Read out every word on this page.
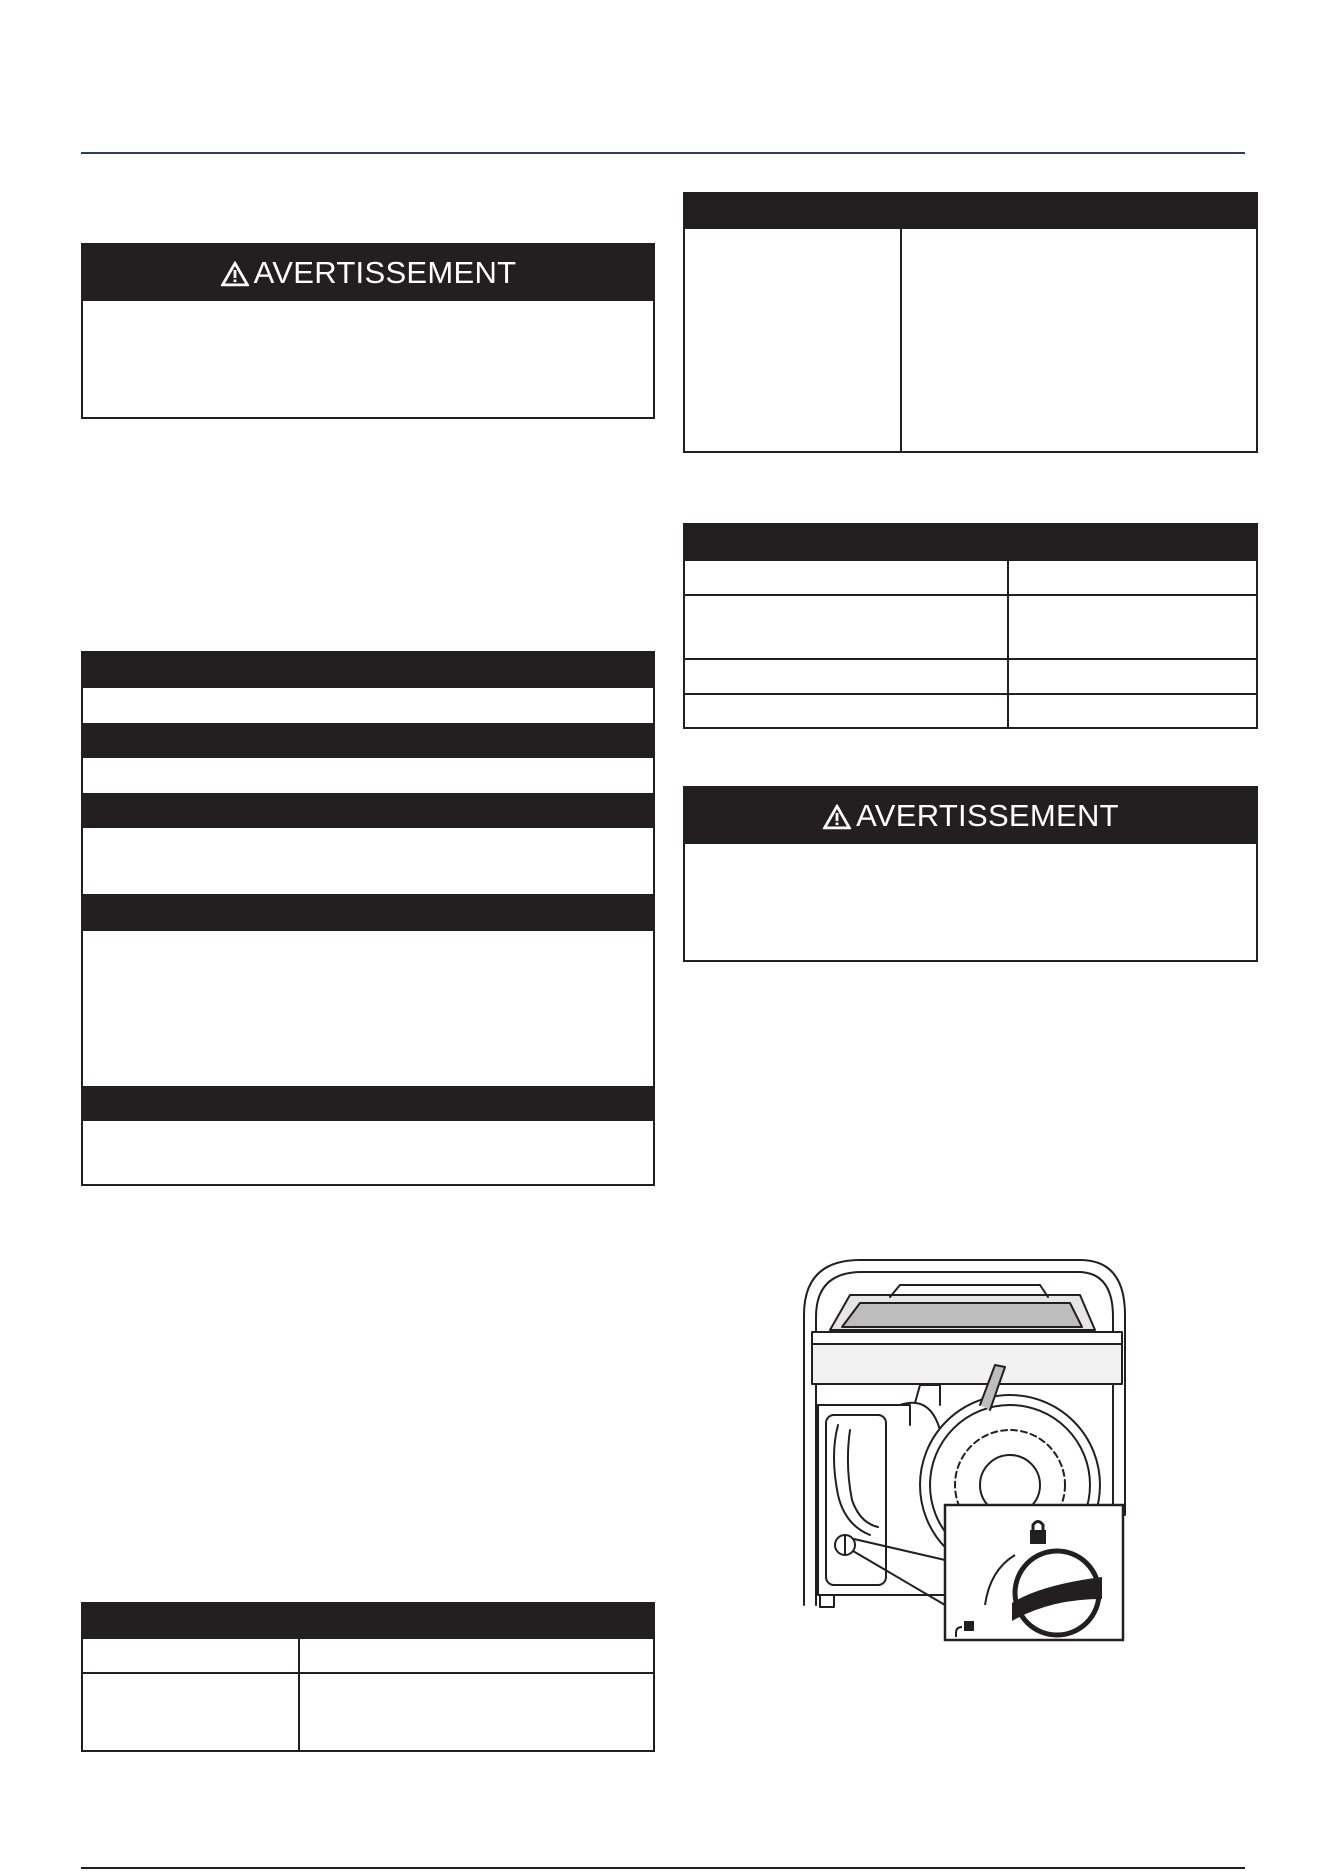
AVERTISSEMENT
AVERTISSEMENT
